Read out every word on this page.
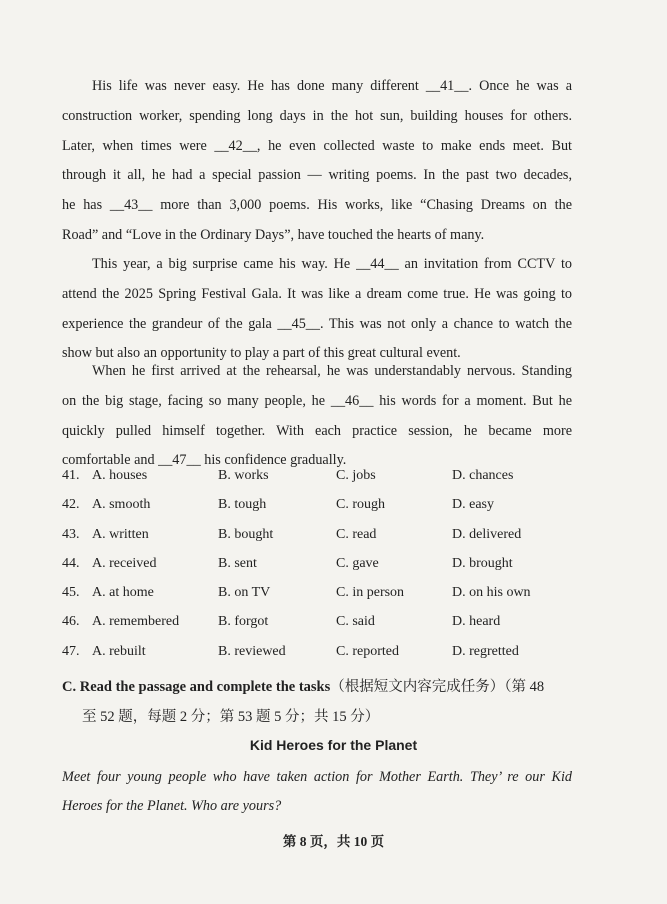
His life was never easy. He has done many different __41__. Once he was a
construction worker, spending long days in the hot sun, building houses for others.
Later, when times were __42__, he even collected waste to make ends meet. But
through it all, he had a special passion — writing poems. In the past two decades,
he has __43__ more than 3,000 poems. His works, like “Chasing Dreams on the
Road” and “Love in the Ordinary Days”, have touched the hearts of many.

This year, a big surprise came his way. He __44__ an invitation from CCTV to
attend the 2025 Spring Festival Gala. It was like a dream come true. He was going to
experience the grandeur of the gala __45__. This was not only a chance to watch the
show but also an opportunity to play a part of this great cultural event.

When he first arrived at the rehearsal, he was understandably nervous. Standing
on the big stage, facing so many people, he __46__ his words for a moment. But he
quickly pulled himself together. With each practice session, he became more
comfortable and __47__ his confidence gradually.

41. A. houses	B. works	C. jobs	D. chances
42. A. smooth	B. tough	C. rough	D. easy
43. A. written	B. bought	C. read	D. delivered
44. A. received	B. sent	C. gave	D. brought
45. A. at home	B. on TV	C. in person	D. on his own
46. A. remembered	B. forgot	C. said	D. heard
47. A. rebuilt	B. reviewed	C. reported	D. regretted

C. Read the passage and complete the tasks（根据短文内容完成任务）（第 48
至 52 题，每题 2 分；第 53 题 5 分；共 15 分）

Kid Heroes for the Planet

Meet four young people who have taken action for Mother Earth. They’ re our Kid
Heroes for the Planet. Who are yours?

第 8 页，共 10 页
